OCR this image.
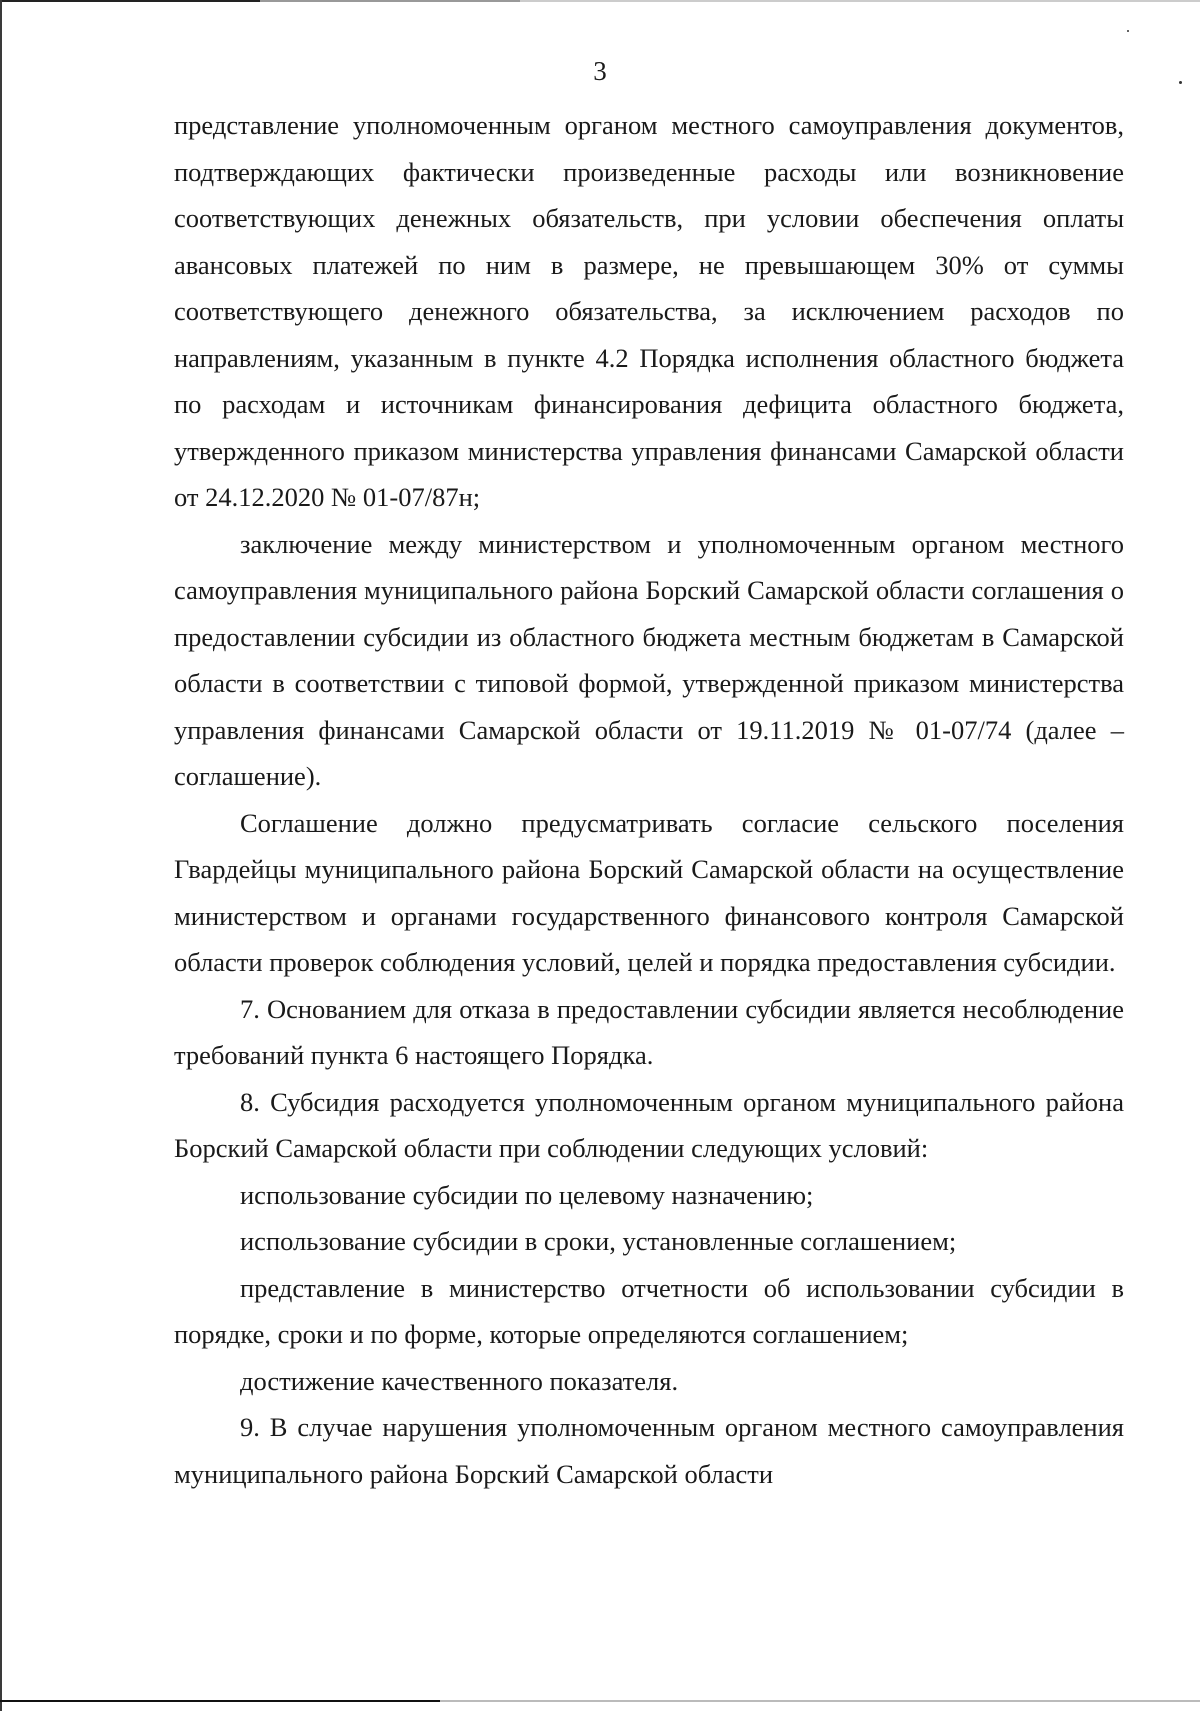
3

представление уполномоченным органом местного самоуправления документов, подтверждающих фактически произведенные расходы или возникновение соответствующих денежных обязательств, при условии обеспечения оплаты авансовых платежей по ним в размере, не превышающем 30% от суммы соответствующего денежного обязательства, за исключением расходов по направлениям, указанным в пункте 4.2 Порядка исполнения областного бюджета по расходам и источникам финансирования дефицита областного бюджета, утвержденного приказом министерства управления финансами Самарской области от 24.12.2020 № 01-07/87н;

заключение между министерством и уполномоченным органом местного самоуправления муниципального района Борский Самарской области соглашения о предоставлении субсидии из областного бюджета местным бюджетам в Самарской области в соответствии с типовой формой, утвержденной приказом министерства управления финансами Самарской области от 19.11.2019 № 01-07/74 (далее – соглашение).

Соглашение должно предусматривать согласие сельского поселения Гвардейцы муниципального района Борский Самарской области на осуществление министерством и органами государственного финансового контроля Самарской области проверок соблюдения условий, целей и порядка предоставления субсидии.

7. Основанием для отказа в предоставлении субсидии является несоблюдение требований пункта 6 настоящего Порядка.

8. Субсидия расходуется уполномоченным органом муниципального района Борский Самарской области при соблюдении следующих условий:

использование субсидии по целевому назначению;

использование субсидии в сроки, установленные соглашением;

представление в министерство отчетности об использовании субсидии в порядке, сроки и по форме, которые определяются соглашением;

достижение качественного показателя.

9. В случае нарушения уполномоченным органом местного самоуправления муниципального района Борский Самарской области
